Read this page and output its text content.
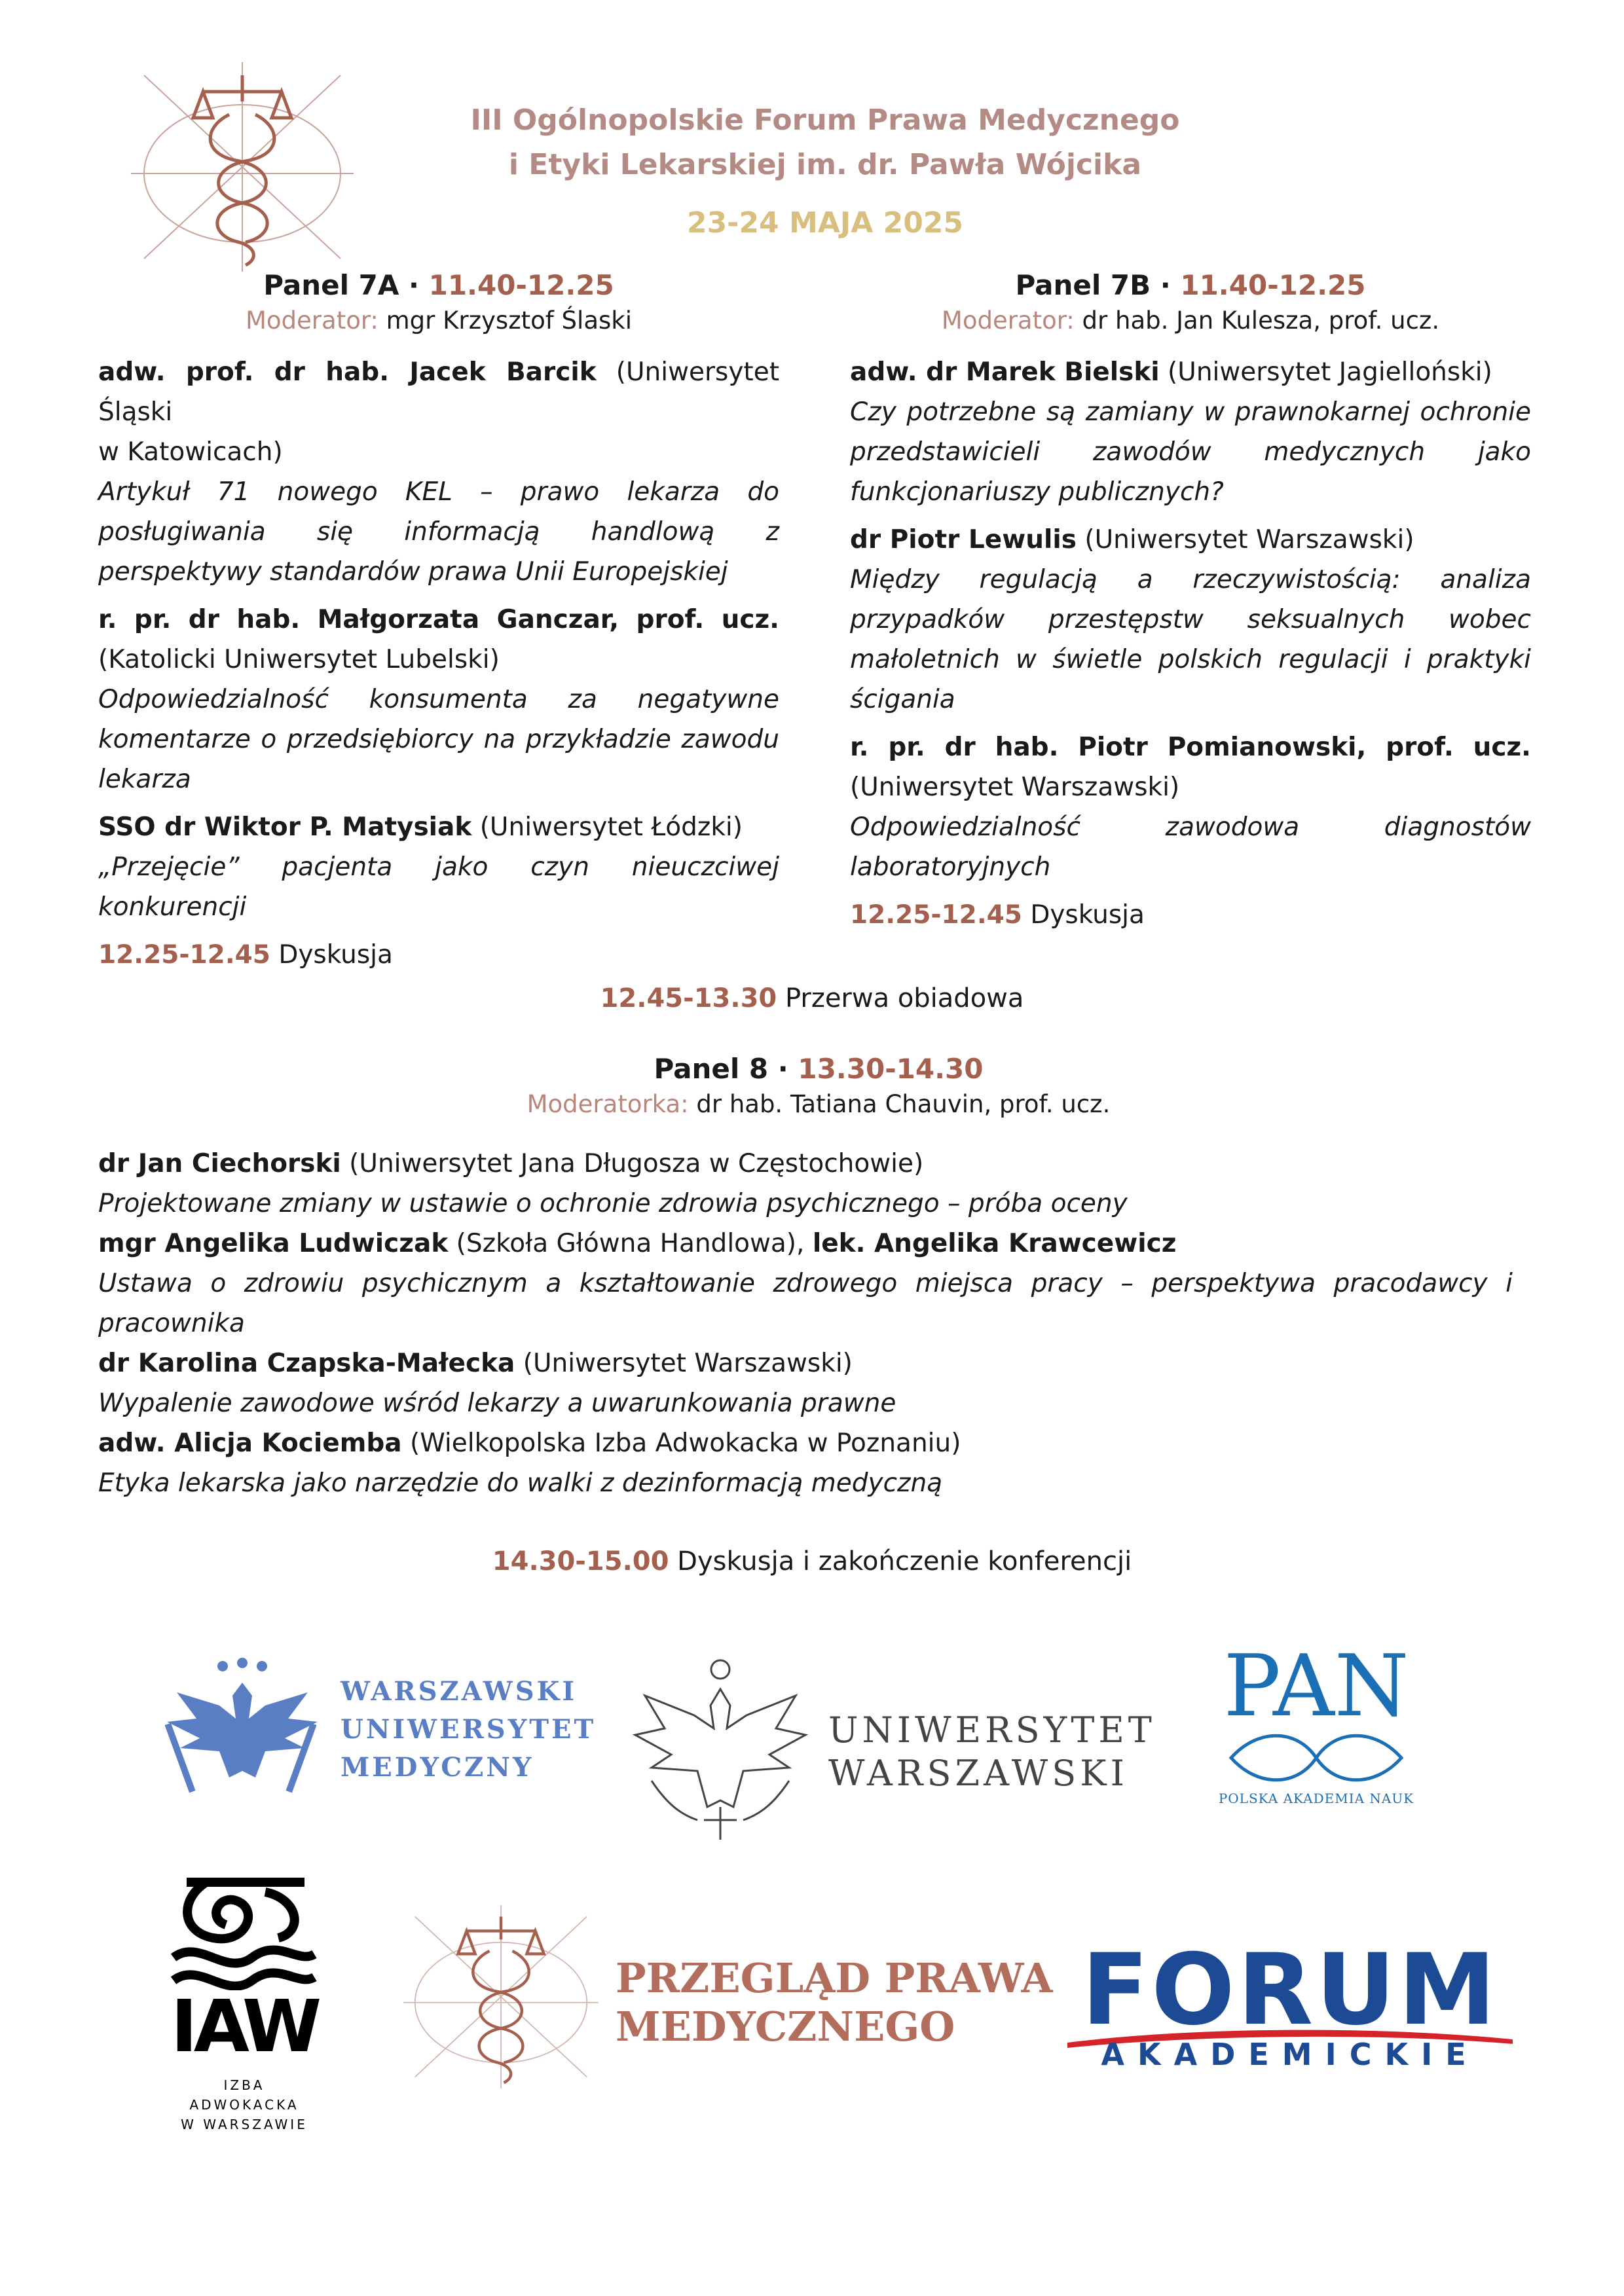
III Ogólnopolskie Forum Prawa Medycznego
i Etyki Lekarskiej im. dr. Pawła Wójcika
23-24 MAJA 2025
Panel 7A · 11.40-12.25
Moderator: mgr Krzysztof Ślaski
adw. prof. dr hab. Jacek Barcik (Uniwersytet Śląski
w Katowicach)
Artykuł 71 nowego KEL – prawo lekarza do
posługiwania się informacją handlową z
perspektywy standardów prawa Unii Europejskiej
r. pr. dr hab. Małgorzata Ganczar, prof. ucz.
(Katolicki Uniwersytet Lubelski)
Odpowiedzialność konsumenta za negatywne
komentarze o przedsiębiorcy na przykładzie zawodu
lekarza
SSO dr Wiktor P. Matysiak (Uniwersytet Łódzki)
„Przejęcie” pacjenta jako czyn nieuczciwej
konkurencji
12.25-12.45 Dyskusja
Panel 7B · 11.40-12.25
Moderator: dr hab. Jan Kulesza, prof. ucz.
adw. dr Marek Bielski (Uniwersytet Jagielloński)
Czy potrzebne są zamiany w prawnokarnej ochronie
przedstawicieli zawodów medycznych jako
funkcjonariuszy publicznych?
dr Piotr Lewulis (Uniwersytet Warszawski)
Między regulacją a rzeczywistością: analiza
przypadków przestępstw seksualnych wobec
małoletnich w świetle polskich regulacji i praktyki
ścigania
r. pr. dr hab. Piotr Pomianowski, prof. ucz.
(Uniwersytet Warszawski)
Odpowiedzialność zawodowa diagnostów
laboratoryjnych
12.25-12.45 Dyskusja
12.45-13.30 Przerwa obiadowa
Panel 8 · 13.30-14.30
Moderatorka: dr hab. Tatiana Chauvin, prof. ucz.
dr Jan Ciechorski (Uniwersytet Jana Długosza w Częstochowie)
Projektowane zmiany w ustawie o ochronie zdrowia psychicznego – próba oceny
mgr Angelika Ludwiczak (Szkoła Główna Handlowa), lek. Angelika Krawcewicz
Ustawa o zdrowiu psychicznym a kształtowanie zdrowego miejsca pracy – perspektywa pracodawcy i
pracownika
dr Karolina Czapska-Małecka (Uniwersytet Warszawski)
Wypalenie zawodowe wśród lekarzy a uwarunkowania prawne
adw. Alicja Kociemba (Wielkopolska Izba Adwokacka w Poznaniu)
Etyka lekarska jako narzędzie do walki z dezinformacją medyczną
14.30-15.00 Dyskusja i zakończenie konferencji
WARSZAWSKI
UNIWERSYTET
MEDYCZNY
UNIWERSYTET
WARSZAWSKI
PAN
POLSKA AKADEMIA NAUK
IAW
IZBA ADWOKACKA
W WARSZAWIE
PRZEGLĄD PRAWA
MEDYCZNEGO	FORUM
AKADEMICKIE
